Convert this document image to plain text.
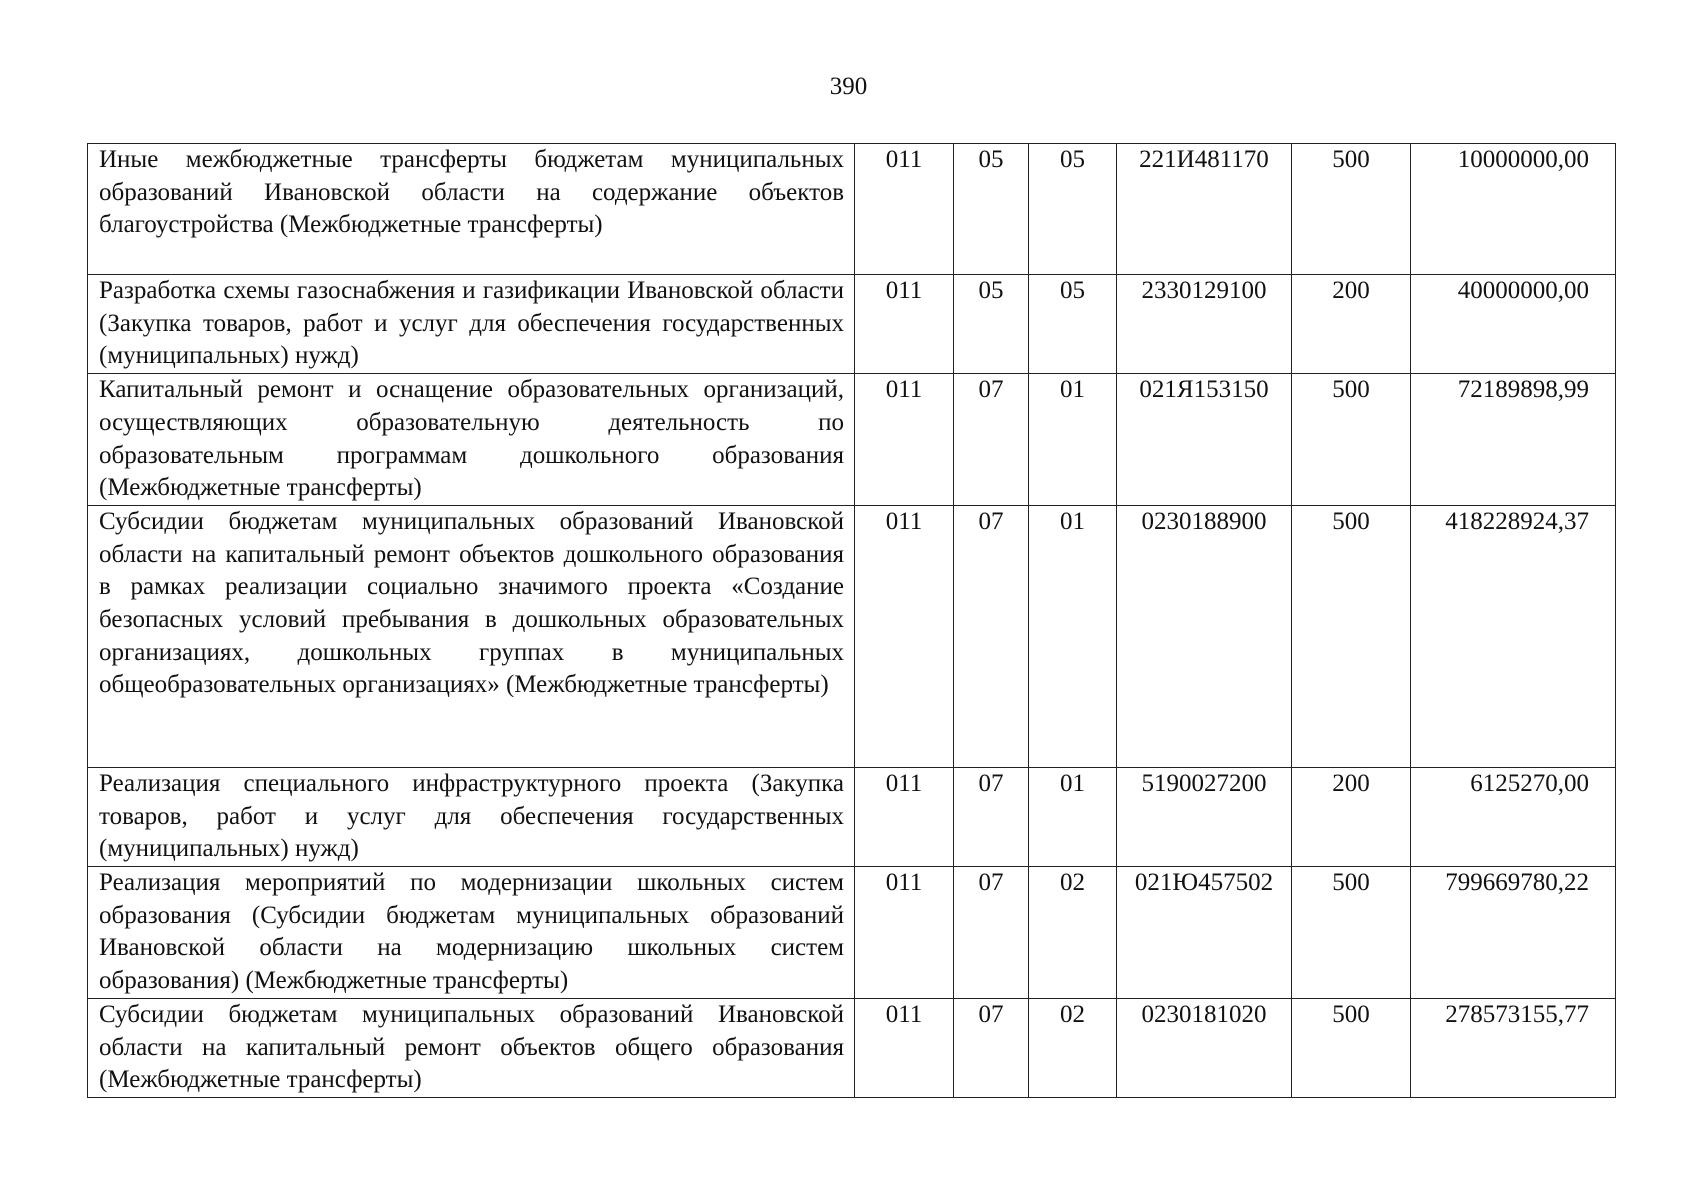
390
Иные межбюджетные трансферты бюджетам муниципальных образований Ивановской области на содержание объектов благоустройства (Межбюджетные трансферты)	011	05	05	221И481170	500	10000000,00
Разработка схемы газоснабжения и газификации Ивановской области (Закупка товаров, работ и услуг для обеспечения государственных (муниципальных) нужд)	011	05	05	2330129100	200	40000000,00
Капитальный ремонт и оснащение образовательных организаций, осуществляющих образовательную деятельность по образовательным программам дошкольного образования (Межбюджетные трансферты)	011	07	01	021Я153150	500	72189898,99
Субсидии бюджетам муниципальных образований Ивановской области на капитальный ремонт объектов дошкольного образования в рамках реализации социально значимого проекта «Создание безопасных условий пребывания в дошкольных образовательных организациях, дошкольных группах в муниципальных общеобразовательных организациях» (Межбюджетные трансферты)	011	07	01	0230188900	500	418228924,37
Реализация специального инфраструктурного проекта (Закупка товаров, работ и услуг для обеспечения государственных (муниципальных) нужд)	011	07	01	5190027200	200	6125270,00
Реализация мероприятий по модернизации школьных систем образования (Субсидии бюджетам муниципальных образований Ивановской области на модернизацию школьных систем образования) (Межбюджетные трансферты)	011	07	02	021Ю457502	500	799669780,22
Субсидии бюджетам муниципальных образований Ивановской области на капитальный ремонт объектов общего образования (Межбюджетные трансферты)	011	07	02	0230181020	500	278573155,77
